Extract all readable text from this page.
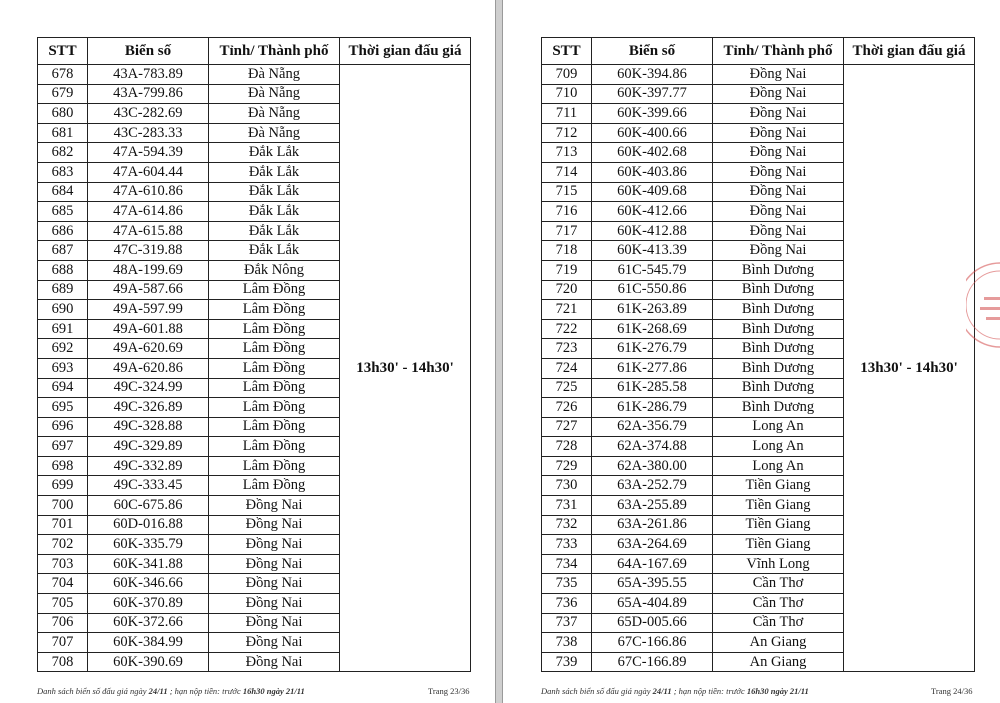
STT	Biển số	Tỉnh/ Thành phố	Thời gian đấu giá
678	43A-783.89	Đà Nẵng	13h30' - 14h30'
679	43A-799.86	Đà Nẵng	
680	43C-282.69	Đà Nẵng	
681	43C-283.33	Đà Nẵng	
682	47A-594.39	Đắk Lắk	
683	47A-604.44	Đắk Lắk	
684	47A-610.86	Đắk Lắk	
685	47A-614.86	Đắk Lắk	
686	47A-615.88	Đắk Lắk	
687	47C-319.88	Đắk Lắk	
688	48A-199.69	Đắk Nông	
689	49A-587.66	Lâm Đồng	
690	49A-597.99	Lâm Đồng	
691	49A-601.88	Lâm Đồng	
692	49A-620.69	Lâm Đồng	
693	49A-620.86	Lâm Đồng	
694	49C-324.99	Lâm Đồng	
695	49C-326.89	Lâm Đồng	
696	49C-328.88	Lâm Đồng	
697	49C-329.89	Lâm Đồng	
698	49C-332.89	Lâm Đồng	
699	49C-333.45	Lâm Đồng	
700	60C-675.86	Đồng Nai	
701	60D-016.88	Đồng Nai	
702	60K-335.79	Đồng Nai	
703	60K-341.88	Đồng Nai	
704	60K-346.66	Đồng Nai	
705	60K-370.89	Đồng Nai	
706	60K-372.66	Đồng Nai	
707	60K-384.99	Đồng Nai	
708	60K-390.69	Đồng Nai	
Danh sách biển số đấu giá ngày 24/11 ; hạn nộp tiền: trước 16h30 ngày 21/11	Trang 23/36
STT	Biển số	Tỉnh/ Thành phố	Thời gian đấu giá
709	60K-394.86	Đồng Nai	13h30' - 14h30'
710	60K-397.77	Đồng Nai	
711	60K-399.66	Đồng Nai	
712	60K-400.66	Đồng Nai	
713	60K-402.68	Đồng Nai	
714	60K-403.86	Đồng Nai	
715	60K-409.68	Đồng Nai	
716	60K-412.66	Đồng Nai	
717	60K-412.88	Đồng Nai	
718	60K-413.39	Đồng Nai	
719	61C-545.79	Bình Dương	
720	61C-550.86	Bình Dương	
721	61K-263.89	Bình Dương	
722	61K-268.69	Bình Dương	
723	61K-276.79	Bình Dương	
724	61K-277.86	Bình Dương	
725	61K-285.58	Bình Dương	
726	61K-286.79	Bình Dương	
727	62A-356.79	Long An	
728	62A-374.88	Long An	
729	62A-380.00	Long An	
730	63A-252.79	Tiền Giang	
731	63A-255.89	Tiền Giang	
732	63A-261.86	Tiền Giang	
733	63A-264.69	Tiền Giang	
734	64A-167.69	Vĩnh Long	
735	65A-395.55	Cần Thơ	
736	65A-404.89	Cần Thơ	
737	65D-005.66	Cần Thơ	
738	67C-166.86	An Giang	
739	67C-166.89	An Giang	
Danh sách biển số đấu giá ngày 24/11 ; hạn nộp tiền: trước 16h30 ngày 21/11	Trang 24/36
